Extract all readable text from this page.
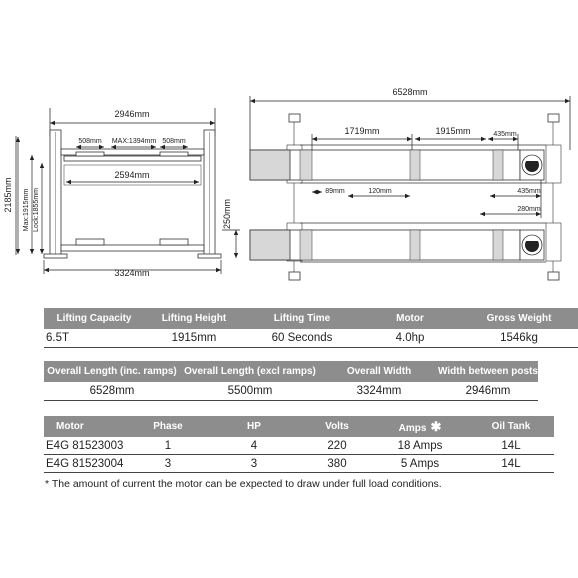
2946mm
508mm MAX:1394mm 508mm
2594mm
3324mm
2185mm Max:1915mm Lock:1855mm	250mm
6528mm
1719mm	1915mm	435mm
89mm	120mm	435mm
280mm
	Lifting Capacity	Lifting Height	Lifting Time	Motor	Gross Weight
	6.5T	1915mm	60 Seconds	4.0hp	1546kg
	Overall Length (inc. ramps)	Overall Length (excl ramps)	Overall Width	Width between posts	
	6528mm	5500mm	3324mm	2946mm	
	Motor	Phase	HP	Volts	Amps ✱	Oil Tank	
	E4G 81523003	1	4	220	18 Amps	14L	
	E4G 81523004	3	3	380	5 Amps	14L	
* The amount of current the motor can be expected to draw under full load conditions.
